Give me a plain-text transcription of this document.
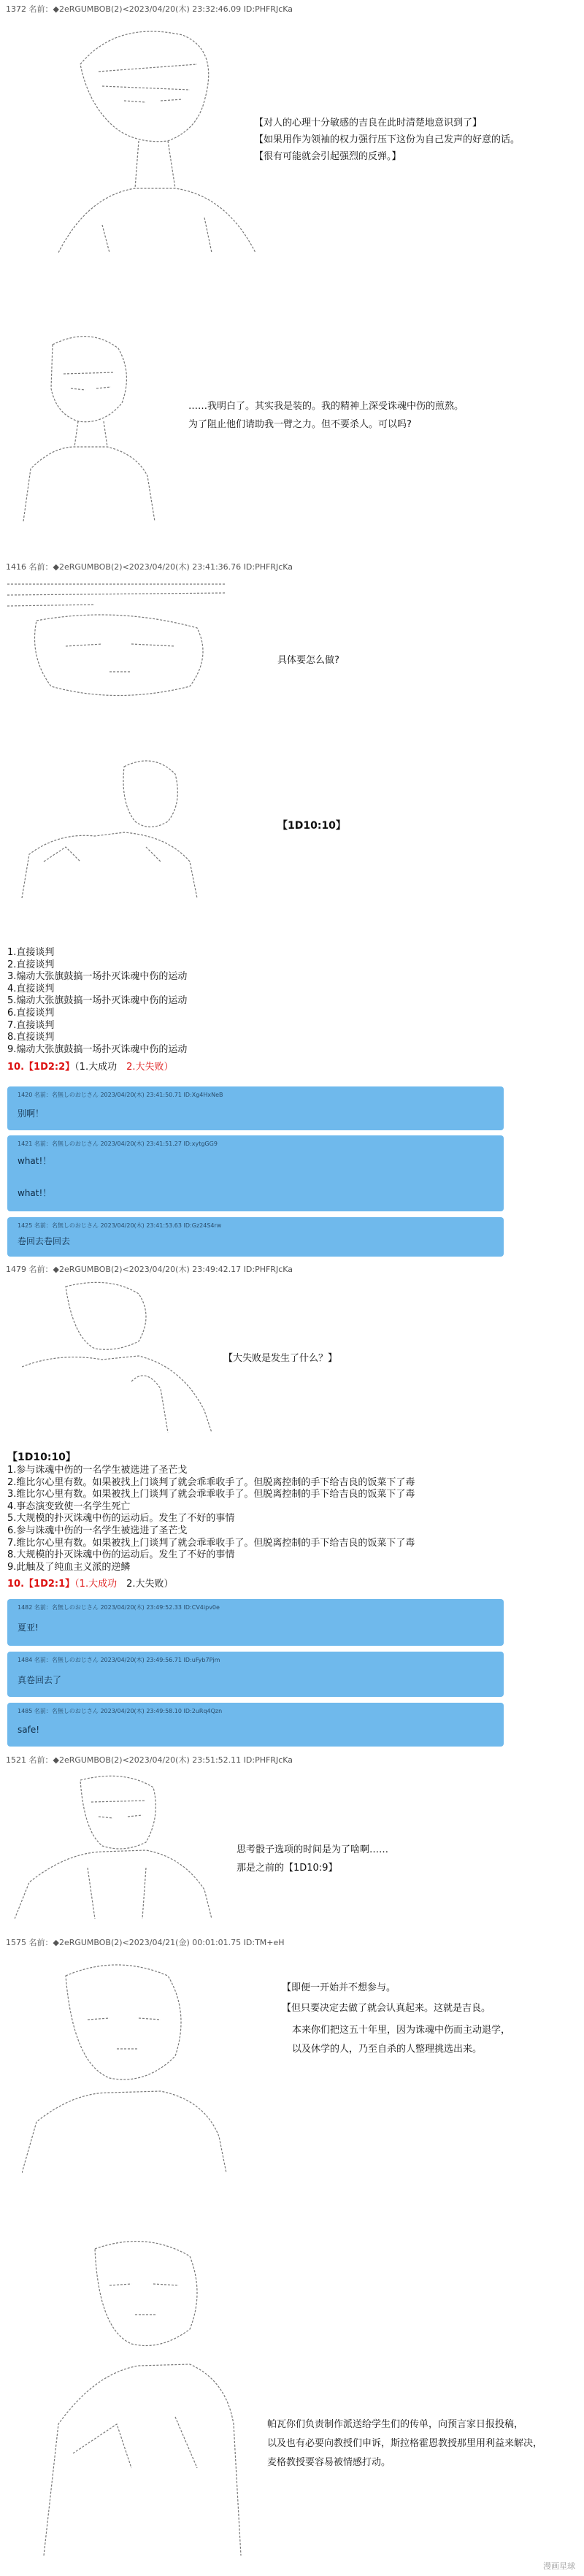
1372 名前：◆2eRGUMBOB(2)<2023/04/20(木) 23:32:46.09 ID:PHFRJcKa
【对人的心理十分敏感的吉良在此时清楚地意识到了】
【如果用作为领袖的权力强行压下这份为自己发声的好意的话。
【很有可能就会引起强烈的反弹。】
……我明白了。其实我是装的。我的精神上深受诛魂中伤的煎熬。
为了阻止他们请助我一臂之力。但不要杀人。可以吗?
1416 名前：◆2eRGUMBOB(2)<2023/04/20(木) 23:41:36.76 ID:PHFRJcKa
具体要怎么做?
【1D10:10】
1.直接谈判
2.直接谈判
3.煽动大张旗鼓搞一场扑灭诛魂中伤的运动
4.直接谈判
5.煽动大张旗鼓搞一场扑灭诛魂中伤的运动
6.直接谈判
7.直接谈判
8.直接谈判
9.煽动大张旗鼓搞一场扑灭诛魂中伤的运动
10.【1D2:2】（1.大成功　2.大失败）
1420 名前：名無しのおじさん 2023/04/20(木) 23:41:50.71 ID:Xg4HxNeB
别啊！
1421 名前：名無しのおじさん 2023/04/20(木) 23:41:51.27 ID:xytgGG9
what!！
what!！
1425 名前：名無しのおじさん 2023/04/20(木) 23:41:53.63 ID:Gz24S4rw
卷回去卷回去
1479 名前：◆2eRGUMBOB(2)<2023/04/20(木) 23:49:42.17 ID:PHFRJcKa
【大失败是发生了什么？】
【1D10:10】
1.参与诛魂中伤的一名学生被选进了圣芒戈
2.维比尔心里有数。如果被找上门谈判了就会乖乖收手了。但脱离控制的手下给吉良的饭菜下了毒
3.维比尔心里有数。如果被找上门谈判了就会乖乖收手了。但脱离控制的手下给吉良的饭菜下了毒
4.事态演变致使一名学生死亡
5.大规模的扑灭诛魂中伤的运动后。发生了不好的事情
6.参与诛魂中伤的一名学生被选进了圣芒戈
7.维比尔心里有数。如果被找上门谈判了就会乖乖收手了。但脱离控制的手下给吉良的饭菜下了毒
8.大规模的扑灭诛魂中伤的运动后。发生了不好的事情
9.此触及了纯血主义派的逆鳞
10.【1D2:1】（1.大成功　2.大失败）
1482 名前：名無しのおじさん 2023/04/20(木) 23:49:52.33 ID:CV4ipv0e
夏亚!
1484 名前：名無しのおじさん 2023/04/20(木) 23:49:56.71 ID:uFyb7Pjm
真卷回去了
1485 名前：名無しのおじさん 2023/04/20(木) 23:49:58.10 ID:2uRq4Qzn
safe!
1521 名前：◆2eRGUMBOB(2)<2023/04/20(木) 23:51:52.11 ID:PHFRJcKa
思考骰子选项的时间是为了啥啊……
那是之前的【1D10:9】
1575 名前：◆2eRGUMBOB(2)<2023/04/21(金) 00:01:01.75 ID:TM+eH
【即便一开始并不想参与。
【但只要决定去做了就会认真起来。这就是吉良。
本来你们把这五十年里，因为诛魂中伤而主动退学，
以及休学的人，乃至自杀的人整理挑选出来。
帕瓦你们负责制作派送给学生们的传单，向预言家日报投稿，
以及也有必要向教授们申诉，斯拉格霍恩教授那里用利益来解决，
麦格教授要容易被情感打动。
漫画星球
